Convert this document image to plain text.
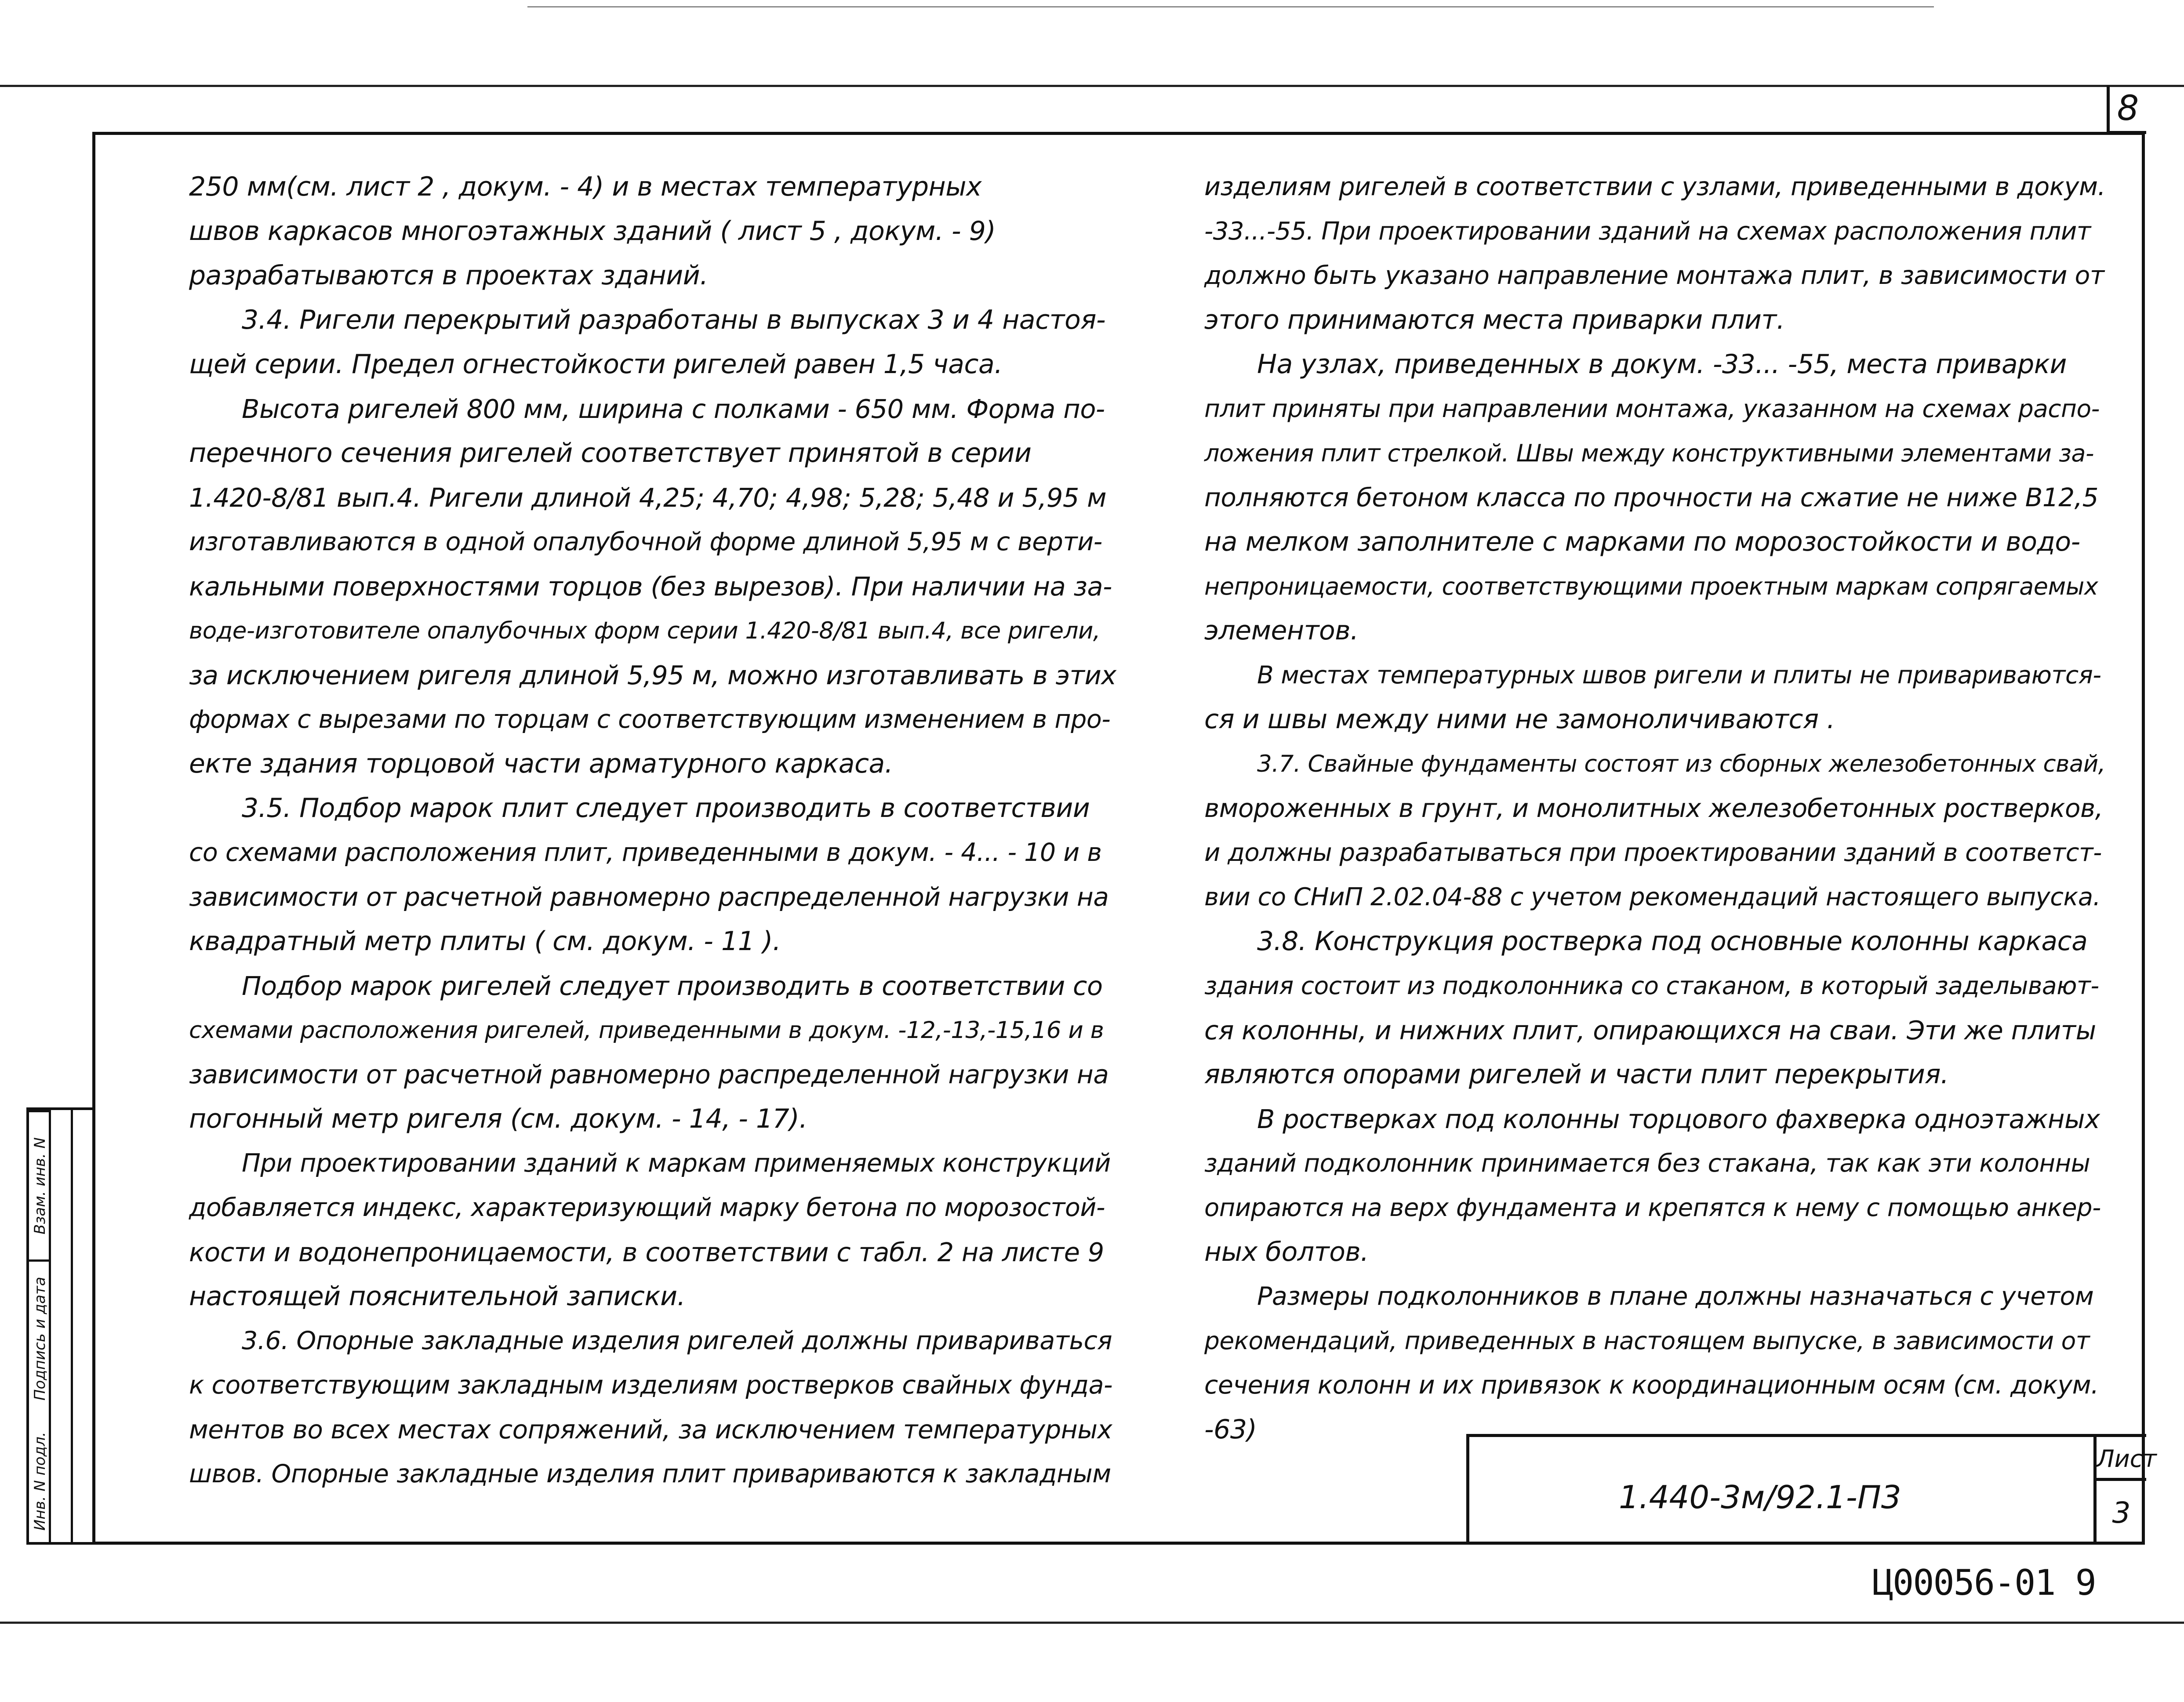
8

250 мм(см. лист 2 , докум. - 4) и в местах температурных

швов каркасов многоэтажных зданий ( лист 5 , докум. - 9)

разрабатываются в проектах зданий.

3.4. Ригели перекрытий разработаны в выпусках 3 и 4 настоя-

щей серии. Предел огнестойкости ригелей равен 1,5 часа.

Высота ригелей 800 мм, ширина с полками - 650 мм. Форма по-

перечного сечения ригелей соответствует принятой в серии

1.420-8/81 вып.4. Ригели длиной 4,25; 4,70; 4,98; 5,28; 5,48 и 5,95 м

изготавливаются в одной опалубочной форме длиной 5,95 м с верти-

кальными поверхностями торцов (без вырезов). При наличии на за-

воде-изготовителе опалубочных форм серии 1.420-8/81 вып.4, все ригели,

за исключением ригеля длиной 5,95 м, можно изготавливать в этих

формах с вырезами по торцам с соответствующим изменением в про-

екте здания торцовой части арматурного каркаса.

3.5. Подбор марок плит следует производить в соответствии

со схемами расположения плит, приведенными в докум. - 4... - 10 и в

зависимости от расчетной равномерно распределенной нагрузки на

квадратный метр плиты ( см. докум. - 11 ).

Подбор марок ригелей следует производить в соответствии со

схемами расположения ригелей, приведенными в докум. -12,-13,-15,16 и в

зависимости от расчетной равномерно распределенной нагрузки на

погонный метр ригеля (см. докум. - 14, - 17).

При проектировании зданий к маркам применяемых конструкций

добавляется индекс, характеризующий марку бетона по морозостой-

кости и водонепроницаемости, в соответствии с табл. 2 на листе 9

настоящей пояснительной записки.

3.6. Опорные закладные изделия ригелей должны привариваться

к соответствующим закладным изделиям ростверков свайных фунда-

ментов во всех местах сопряжений, за исключением температурных

швов. Опорные закладные изделия плит привариваются к закладным

изделиям ригелей в соответствии с узлами, приведенными в докум.

-33...-55. При проектировании зданий на схемах расположения плит

должно быть указано направление монтажа плит, в зависимости от

этого принимаются места приварки плит.

На узлах, приведенных в докум. -33... -55, места приварки

плит приняты при направлении монтажа, указанном на схемах распо-

ложения плит стрелкой. Швы между конструктивными элементами за-

полняются бетоном класса по прочности на сжатие не ниже В12,5

на мелком заполнителе с марками по морозостойкости и водо-

непроницаемости, соответствующими проектным маркам сопрягаемых

элементов.

В местах температурных швов ригели и плиты не привариваются-

ся и швы между ними не замоноличиваются .

3.7. Свайные фундаменты состоят из сборных железобетонных свай,

вмороженных в грунт, и монолитных железобетонных ростверков,

и должны разрабатываться при проектировании зданий в соответст-

вии со СНиП 2.02.04-88 с учетом рекомендаций настоящего выпуска.

3.8. Конструкция ростверка под основные колонны каркаса

здания состоит из подколонника со стаканом, в который заделывают-

ся колонны, и нижних плит, опирающихся на сваи. Эти же плиты

являются опорами ригелей и части плит перекрытия.

В ростверках под колонны торцового фахверка одноэтажных

зданий подколонник принимается без стакана, так как эти колонны

опираются на верх фундамента и крепятся к нему с помощью анкер-

ных болтов.

Размеры подколонников в плане должны назначаться с учетом

рекомендаций, приведенных в настоящем выпуске, в зависимости от

сечения колонн и их привязок к координационным осям (см. докум.

-63)

1.440-3м/92.1-П3
Лист
3
Взам. инв. N
Подпись и дата
Инв. N подл.
Ц00056-01 9
